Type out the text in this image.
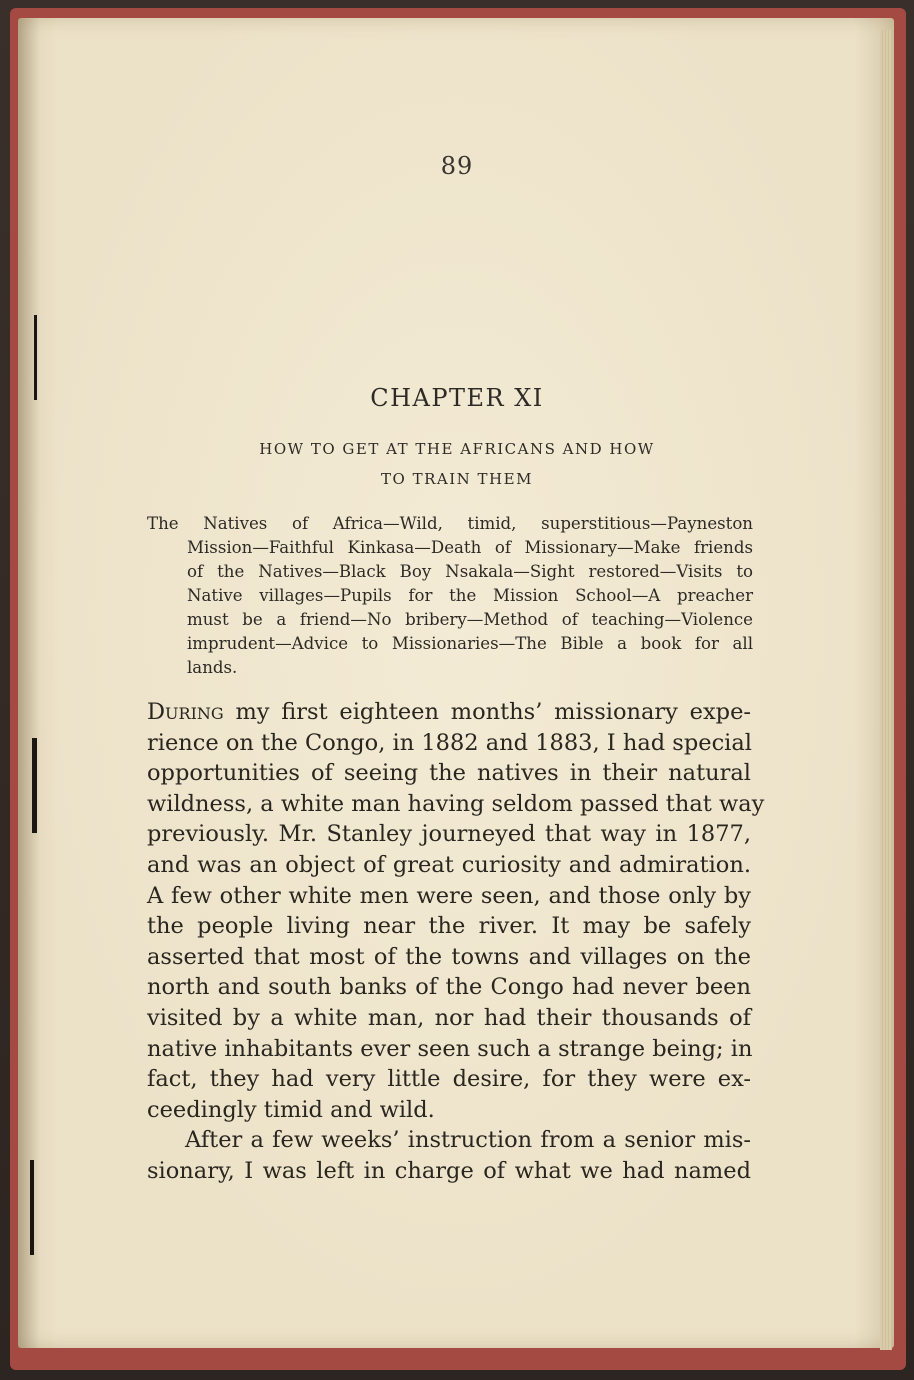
89
CHAPTER XI
HOW TO GET AT THE AFRICANS AND HOW
TO TRAIN THEM
The Natives of Africa—Wild, timid, superstitious—Payneston
Mission—Faithful Kinkasa—Death of Missionary—Make friends
of the Natives—Black Boy Nsakala—Sight restored—Visits to
Native villages—Pupils for the Mission School—A preacher
must be a friend—No bribery—Method of teaching—Violence
imprudent—Advice to Missionaries—The Bible a book for all
lands.
During my first eighteen months’ missionary expe-
rience on the Congo, in 1882 and 1883, I had special
opportunities of seeing the natives in their natural
wildness, a white man having seldom passed that way
previously. Mr. Stanley journeyed that way in 1877,
and was an object of great curiosity and admiration.
A few other white men were seen, and those only by
the people living near the river. It may be safely
asserted that most of the towns and villages on the
north and south banks of the Congo had never been
visited by a white man, nor had their thousands of
native inhabitants ever seen such a strange being; in
fact, they had very little desire, for they were ex-
ceedingly timid and wild.
After a few weeks’ instruction from a senior mis-
sionary, I was left in charge of what we had named
